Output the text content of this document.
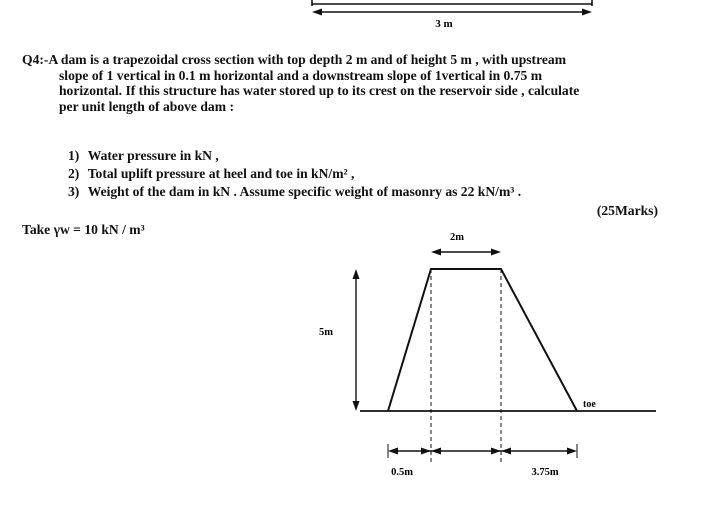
3 m
Q4:-A dam is a trapezoidal cross section with top depth 2 m and of height 5 m , with upstream
slope of 1 vertical in 0.1 m horizontal and a downstream slope of 1vertical in 0.75 m
horizontal. If this structure has water stored up to its crest on the reservoir side , calculate
per unit length of above dam :
1) Water pressure in kN ,
2) Total uplift pressure at heel and toe in kN/m² ,
3) Weight of the dam in kN . Assume specific weight of masonry as 22 kN/m³ .
(25Marks)
Take γw = 10 kN / m³
2m
5m
toe
0.5m	3.75m
